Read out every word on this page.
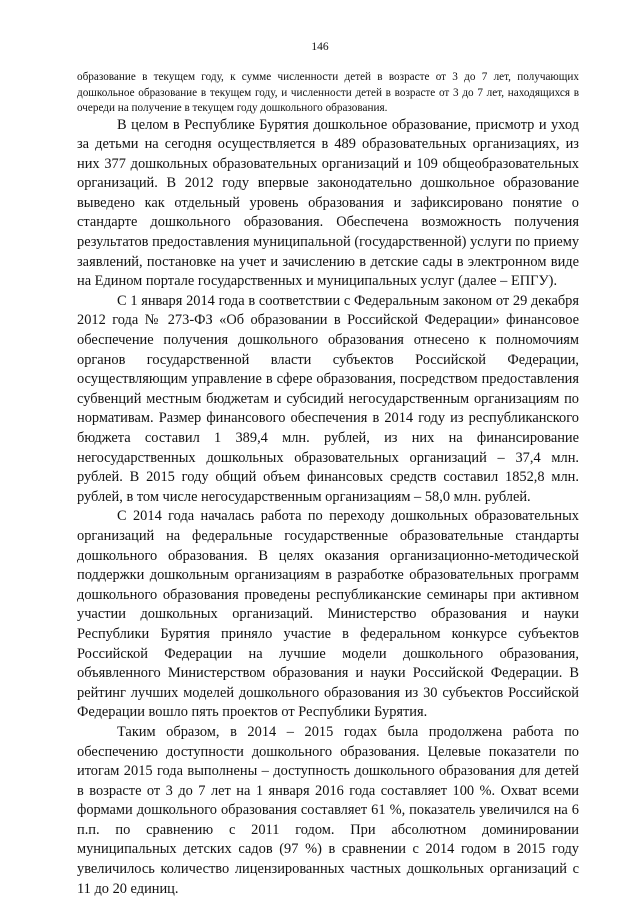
146

образование в текущем году, к сумме численности детей в возрасте от 3 до 7 лет, получающих дошкольное образование в текущем году, и численности детей в возрасте от 3 до 7 лет, находящихся в очереди на получение в текущем году дошкольного образования.

В целом в Республике Бурятия дошкольное образование, присмотр и уход за детьми на сегодня осуществляется в 489 образовательных организациях, из них 377 дошкольных образовательных организаций и 109 общеобразовательных организаций. В 2012 году впервые законодательно дошкольное образование выведено как отдельный уровень образования и зафиксировано понятие о стандарте дошкольного образования. Обеспечена возможность получения результатов предоставления муниципальной (государственной) услуги по приему заявлений, постановке на учет и зачислению в детские сады в электронном виде на Едином портале государственных и муниципальных услуг (далее – ЕПГУ).

С 1 января 2014 года в соответствии с Федеральным законом от 29 декабря 2012 года № 273-ФЗ «Об образовании в Российской Федерации» финансовое обеспечение получения дошкольного образования отнесено к полномочиям органов государственной власти субъектов Российской Федерации, осуществляющим управление в сфере образования, посредством предоставления субвенций местным бюджетам и субсидий негосударственным организациям по нормативам. Размер финансового обеспечения в 2014 году из республиканского бюджета составил 1 389,4 млн. рублей, из них на финансирование негосударственных дошкольных образовательных организаций – 37,4 млн. рублей. В 2015 году общий объем финансовых средств составил 1852,8 млн. рублей, в том числе негосударственным организациям – 58,0 млн. рублей.

С 2014 года началась работа по переходу дошкольных образовательных организаций на федеральные государственные образовательные стандарты дошкольного образования. В целях оказания организационно-методической поддержки дошкольным организациям в разработке образовательных программ дошкольного образования проведены республиканские семинары при активном участии дошкольных организаций. Министерство образования и науки Республики Бурятия приняло участие в федеральном конкурсе субъектов Российской Федерации на лучшие модели дошкольного образования, объявленного Министерством образования и науки Российской Федерации. В рейтинг лучших моделей дошкольного образования из 30 субъектов Российской Федерации вошло пять проектов от Республики Бурятия.

Таким образом, в 2014 – 2015 годах была продолжена работа по обеспечению доступности дошкольного образования. Целевые показатели по итогам 2015 года выполнены – доступность дошкольного образования для детей в возрасте от 3 до 7 лет на 1 января 2016 года составляет 100 %. Охват всеми формами дошкольного образования составляет 61 %, показатель увеличился на 6 п.п. по сравнению с 2011 годом. При абсолютном доминировании муниципальных детских садов (97 %) в сравнении с 2014 годом в 2015 году увеличилось количество лицензированных частных дошкольных организаций с 11 до 20 единиц.
